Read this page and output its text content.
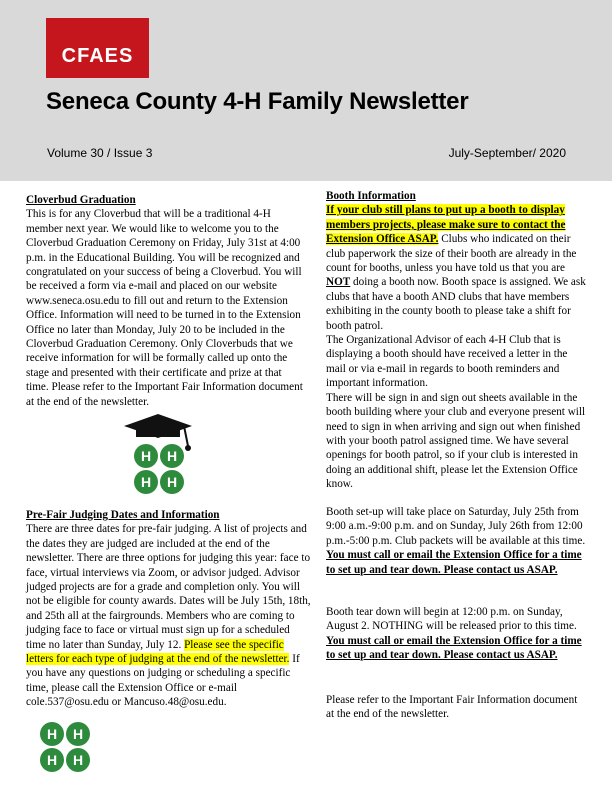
CFAES
Seneca County 4-H Family Newsletter
Volume 30 / Issue 3	July-September/ 2020

Cloverbud Graduation

This is for any Cloverbud that will be a traditional 4-H member next year. We would like to welcome you to the Cloverbud Graduation Ceremony on Friday, July 31st at 4:00 p.m. in the Educational Building. You will be recognized and congratulated on your success of being a Cloverbud. You will be received a form via e-mail and placed on our website www.seneca.osu.edu to fill out and return to the Extension Office. Information will need to be turned in to the Extension Office no later than Monday, July 20 to be included in the Cloverbud Graduation Ceremony. Only Cloverbuds that we receive information for will be formally called up onto the stage and presented with their certificate and prize at that time. Please refer to the Important Fair Information document at the end of the newsletter.

H H
H H

Pre-Fair Judging Dates and Information

There are three dates for pre-fair judging. A list of projects and the dates they are judged are included at the end of the newsletter. There are three options for judging this year: face to face, virtual interviews via Zoom, or advisor judged. Advisor judged projects are for a grade and completion only. You will not be eligible for county awards. Dates will be July 15th, 18th, and 25th all at the fairgrounds. Members who are coming to judging face to face or virtual must sign up for a scheduled time no later than Sunday, July 12. Please see the specific letters for each type of judging at the end of the newsletter. If you have any questions on judging or scheduling a specific time, please call the Extension Office or e-mail cole.537@osu.edu or Mancuso.48@osu.edu.

H H
H H

Booth Information

If your club still plans to put up a booth to display members projects, please make sure to contact the Extension Office ASAP. Clubs who indicated on their club paperwork the size of their booth are already in the count for booths, unless you have told us that you are NOT doing a booth now. Booth space is assigned. We ask clubs that have a booth AND clubs that have members exhibiting in the county booth to please take a shift for booth patrol.

The Organizational Advisor of each 4-H Club that is displaying a booth should have received a letter in the mail or via e-mail in regards to booth reminders and important information.

There will be sign in and sign out sheets available in the booth building where your club and everyone present will need to sign in when arriving and sign out when finished with your booth patrol assigned time. We have several openings for booth patrol, so if your club is interested in doing an additional shift, please let the Extension Office know.

Booth set-up will take place on Saturday, July 25th from 9:00 a.m.-9:00 p.m. and on Sunday, July 26th from 12:00 p.m.-5:00 p.m. Club packets will be available at this time. You must call or email the Extension Office for a time to set up and tear down. Please contact us ASAP.

Booth tear down will begin at 12:00 p.m. on Sunday, August 2. NOTHING will be released prior to this time. You must call or email the Extension Office for a time to set up and tear down. Please contact us ASAP.

Please refer to the Important Fair Information document at the end of the newsletter.
